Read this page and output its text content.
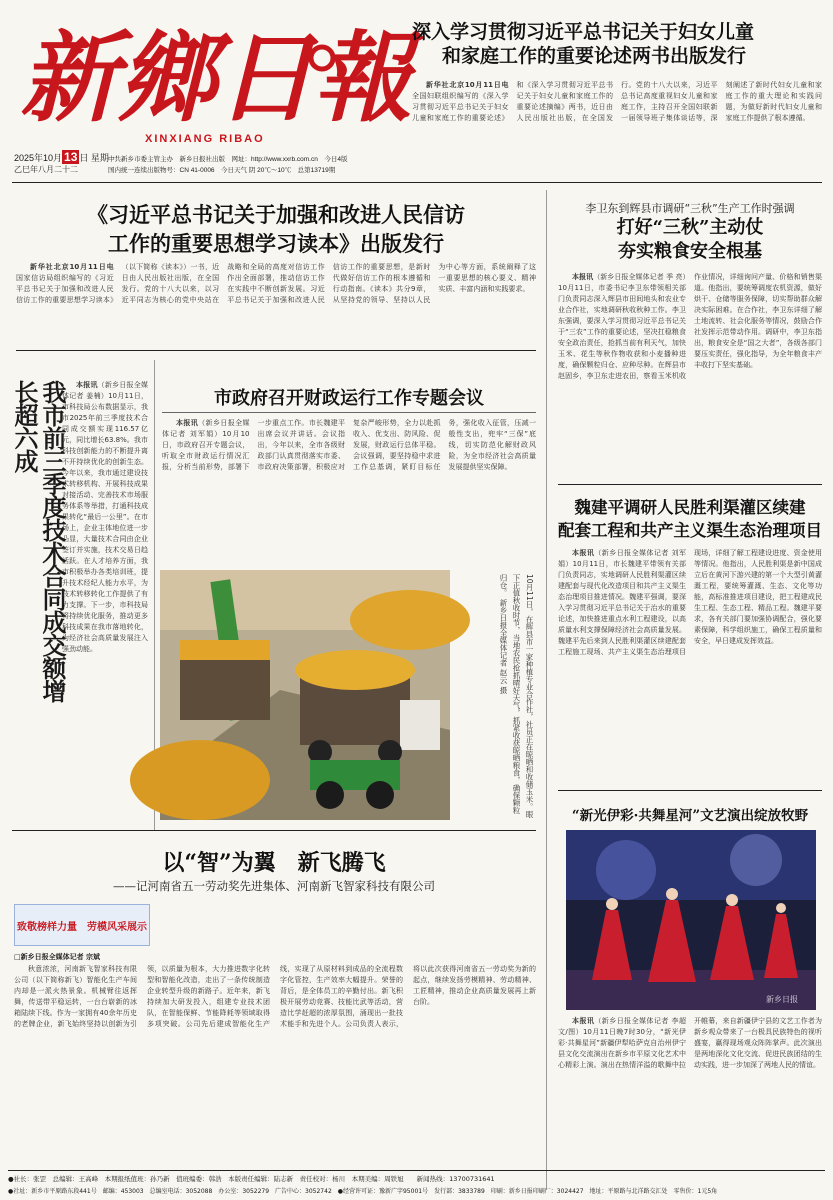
新鄉日報
XINXIANG RIBAO
2025年10月 13 日 星期一
乙巳年八月二十二
中共新乡市委主管主办　新乡日报社出版　网址：http://www.xxrb.com.cn　今日4版
国内统一连续出版物号：CN 41-0006　今日天气 阴 20℃～10℃　总第13719期
深入学习贯彻习近平总书记关于妇女儿童
和家庭工作的重要论述两书出版发行

新华社北京10月11日电 全国妇联组织编写的《深入学习贯彻习近平总书记关于妇女儿童和家庭工作的重要论述》和《深入学习贯彻习近平总书记关于妇女儿童和家庭工作的重要论述摘编》两书，近日由人民出版社出版，在全国发行。党的十八大以来，习近平总书记高度重视妇女儿童和家庭工作，主持召开全国妇联新一届领导班子集体谈话等，深刻阐述了新时代妇女儿童和家庭工作的重大理论和实践问题，为做好新时代妇女儿童和家庭工作提供了根本遵循。

《习近平总书记关于加强和改进人民信访
工作的重要思想学习读本》出版发行

新华社北京10月11日电 国家信访局组织编写的《习近平总书记关于加强和改进人民信访工作的重要思想学习读本》（以下简称《读本》）一书，近日由人民出版社出版，在全国发行。党的十八大以来，以习近平同志为核心的党中央站在战略和全局的高度对信访工作作出全面部署，推动信访工作在实践中不断创新发展。习近平总书记关于加强和改进人民信访工作的重要思想，是新时代做好信访工作的根本遵循和行动指南。《读本》共分9章，从坚持党的领导、坚持以人民为中心等方面，系统阐释了这一重要思想的核心要义、精神实质、丰富内涵和实践要求。

李卫东到辉县市调研“三秋”生产工作时强调
打好“三秋”主动仗
夯实粮食安全根基

本报讯（新乡日报全媒体记者 季 亮）10月11日，市委书记李卫东带领相关部门负责同志深入辉县市田间地头和农业专业合作社，实地调研秋收秋种工作。李卫东强调，要深入学习贯彻习近平总书记关于“三农”工作的重要论述，坚决扛稳粮食安全政治责任，抢抓当前有利天气，加快玉米、花生等秋作物收获和小麦播种进度，确保颗粒归仓、应种尽种。在辉县市赵固乡，李卫东走进农田，察看玉米机收作业情况，详细询问产量、价格和销售渠道。他指出，要统筹调度农机资源，做好烘干、仓储等服务保障，切实帮助群众解决实际困难。在合作社，李卫东详细了解土地流转、社会化服务等情况，鼓励合作社发挥示范带动作用。调研中，李卫东指出，粮食安全是“国之大者”，各级各部门要压实责任，强化指导，为全年粮食丰产丰收打下坚实基础。

我市前三季度技术合同成交额增长超六成	本报讯（新乡日报全媒体记者 姜楠）10月11日，市科技局公布数据显示，我市2025年前三季度技术合同成交额实现116.57亿元，同比增长63.8%。我市科技创新能力的不断提升离不开持续优化的创新生态。今年以来，我市通过建设技术转移机构、开展科技成果对接活动、完善技术市场服务体系等举措，打通科技成果转化“最后一公里”。在市场上，企业主体地位进一步凸显，大量技术合同由企业签订并实施，技术交易日趋活跃。在人才培养方面，我市积极举办各类培训班，提升技术经纪人能力水平，为技术转移转化工作提供了有力支撑。下一步，市科技局将持续优化服务，推动更多科技成果在我市落地转化，为经济社会高质量发展注入强劲动能。

市政府召开财政运行工作专题会议

本报讯（新乡日报全媒体记者 刘军娟）10月10日，市政府召开专题会议，听取全市财政运行情况汇报，分析当前形势，部署下一步重点工作。市长魏建平出席会议并讲话。会议指出，今年以来，全市各级财政部门认真贯彻落实市委、市政府决策部署，积极应对复杂严峻形势，全力以赴抓收入、优支出、防风险、促发展，财政运行总体平稳。会议强调，要坚持稳中求进工作总基调，紧盯目标任务，强化收入征管，压减一般性支出，兜牢“三保”底线，切实防范化解财政风险，为全市经济社会高质量发展提供坚实保障。

10月11日，在辉县市一家种植专业合作社，社员正在晾晒和收储玉米。眼下正值秋收时节，当地农民抢抓晴好天气，抓紧收获晾晒粮食，确保颗粒归仓。 新乡日报全媒体记者 赵云 摄
魏建平调研人民胜利渠灌区续建
配套工程和共产主义渠生态治理项目

本报讯（新乡日报全媒体记者 刘军娟）10月11日，市长魏建平带领有关部门负责同志，实地调研人民胜利渠灌区续建配套与现代化改造项目和共产主义渠生态治理项目推进情况。魏建平强调，要深入学习贯彻习近平总书记关于治水的重要论述，加快推进重点水利工程建设，以高质量水利支撑保障经济社会高质量发展。魏建平先后来到人民胜利渠灌区续建配套工程施工现场、共产主义渠生态治理项目现场，详细了解工程建设进度、资金使用等情况。他指出，人民胜利渠是新中国成立后在黄河下游兴建的第一个大型引黄灌溉工程，要统筹灌溉、生态、文化等功能，高标准推进项目建设，把工程建成民生工程、生态工程、精品工程。魏建平要求，各有关部门要加强协调配合，强化要素保障，科学组织施工，确保工程质量和安全，早日建成发挥效益。

“新光伊彩·共舞星河”文艺演出绽放牧野
新乡日报

本报讯（新乡日报全媒体记者 李超 文/图）10月11日晚7时30分，“新光伊彩·共舞星河”新疆伊犁哈萨克自治州伊宁县文化交流演出在新乡市平原文化艺术中心精彩上演。演出在热情洋溢的歌舞中拉开帷幕，来自新疆伊宁县的文艺工作者为新乡观众带来了一台极具民族特色的视听盛宴，赢得现场观众阵阵掌声。此次演出是两地深化文化交流、促进民族团结的生动实践，进一步加深了两地人民的情谊。

以“智”为翼　新飞腾飞
——记河南省五一劳动奖先进集体、河南新飞智家科技有限公司
致敬榜样力量　劳模风采展示
□新乡日报全媒体记者 宗斌

秋意浓浓，河南新飞智家科技有限公司（以下简称新飞）智能化生产车间内却是一派火热景象。机械臂往返挥舞，传送带平稳运转，一台台崭新的冰箱陆续下线。作为一家拥有40余年历史的老牌企业，新飞始终坚持以创新为引领，以质量为根本，大力推进数字化转型和智能化改造，走出了一条传统制造企业转型升级的新路子。近年来，新飞持续加大研发投入，组建专业技术团队，在智能保鲜、节能降耗等领域取得多项突破。公司先后建成智能化生产线，实现了从原材料到成品的全流程数字化管控，生产效率大幅提升。荣誉的背后，是全体员工的辛勤付出。新飞积极开展劳动竞赛、技能比武等活动，营造比学赶超的浓厚氛围，涌现出一批技术能手和先进个人。公司负责人表示，将以此次获得河南省五一劳动奖为新的起点，继续发扬劳模精神、劳动精神、工匠精神，推动企业高质量发展再上新台阶。

●社长：张罡　总编辑：王高峰　本期报纸值班：孙乃新　值班编委：韩浩　本版责任编辑：陆志新　责任校对：杨川　本期美编：周铁旭　　新闻热线：13700731641
●社址：新乡市平原路东段441号　邮编：453003　总编室电话：3052088　办公室：3052279　广告中心：3052742　●经营许可证：豫新广字95001号　发行部：3833789　印刷：新乡日报印刷厂：3024427　地址：平原路与北洋路交汇处　零售价：1元5角
